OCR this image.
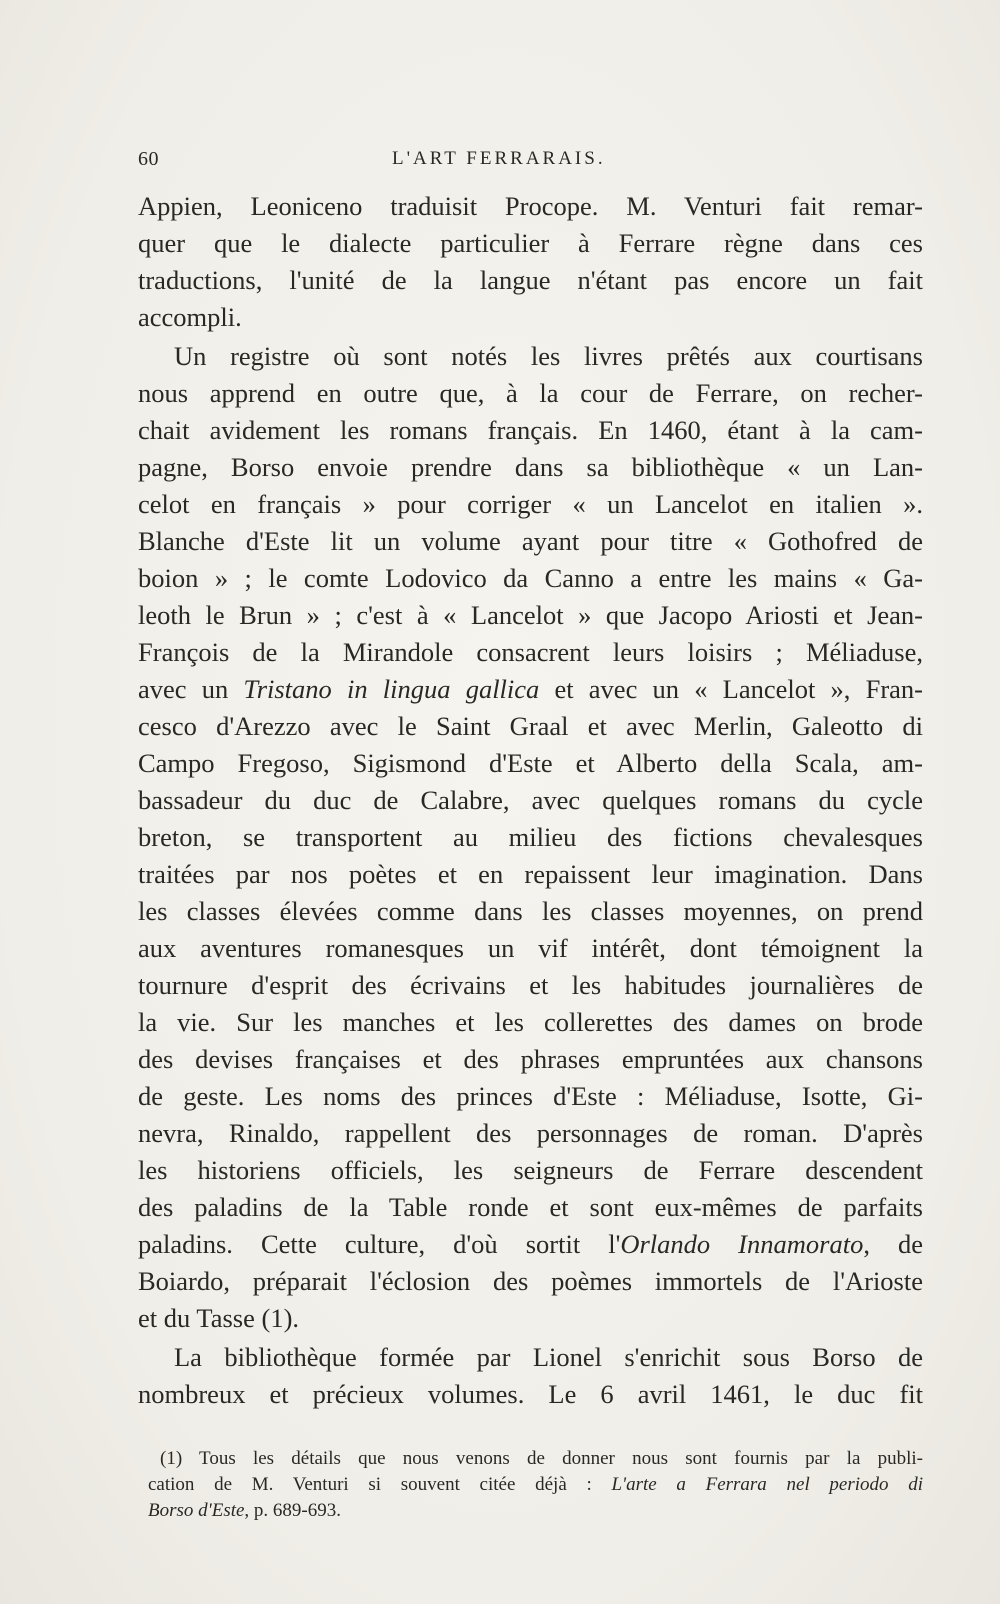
60	L'ART FERRARAIS.
Appien, Leoniceno traduisit Procope. M. Venturi fait remar-
quer que le dialecte particulier à Ferrare règne dans ces
traductions, l'unité de la langue n'étant pas encore un fait
accompli.
Un registre où sont notés les livres prêtés aux courtisans
nous apprend en outre que, à la cour de Ferrare, on recher-
chait avidement les romans français. En 1460, étant à la cam-
pagne, Borso envoie prendre dans sa bibliothèque « un Lan-
celot en français » pour corriger « un Lancelot en italien ».
Blanche d'Este lit un volume ayant pour titre « Gothofred de
boion » ; le comte Lodovico da Canno a entre les mains « Ga-
leoth le Brun » ; c'est à « Lancelot » que Jacopo Ariosti et Jean-
François de la Mirandole consacrent leurs loisirs ; Méliaduse,
avec un Tristano in lingua gallica et avec un « Lancelot », Fran-
cesco d'Arezzo avec le Saint Graal et avec Merlin, Galeotto di
Campo Fregoso, Sigismond d'Este et Alberto della Scala, am-
bassadeur du duc de Calabre, avec quelques romans du cycle
breton, se transportent au milieu des fictions chevalesques
traitées par nos poètes et en repaissent leur imagination. Dans
les classes élevées comme dans les classes moyennes, on prend
aux aventures romanesques un vif intérêt, dont témoignent la
tournure d'esprit des écrivains et les habitudes journalières de
la vie. Sur les manches et les collerettes des dames on brode
des devises françaises et des phrases empruntées aux chansons
de geste. Les noms des princes d'Este : Méliaduse, Isotte, Gi-
nevra, Rinaldo, rappellent des personnages de roman. D'après
les historiens officiels, les seigneurs de Ferrare descendent
des paladins de la Table ronde et sont eux-mêmes de parfaits
paladins. Cette culture, d'où sortit l'Orlando Innamorato, de
Boiardo, préparait l'éclosion des poèmes immortels de l'Arioste
et du Tasse (1).
La bibliothèque formée par Lionel s'enrichit sous Borso de
nombreux et précieux volumes. Le 6 avril 1461, le duc fit
(1) Tous les détails que nous venons de donner nous sont fournis par la publi-
cation de M. Venturi si souvent citée déjà : L'arte a Ferrara nel periodo di
Borso d'Este, p. 689-693.
